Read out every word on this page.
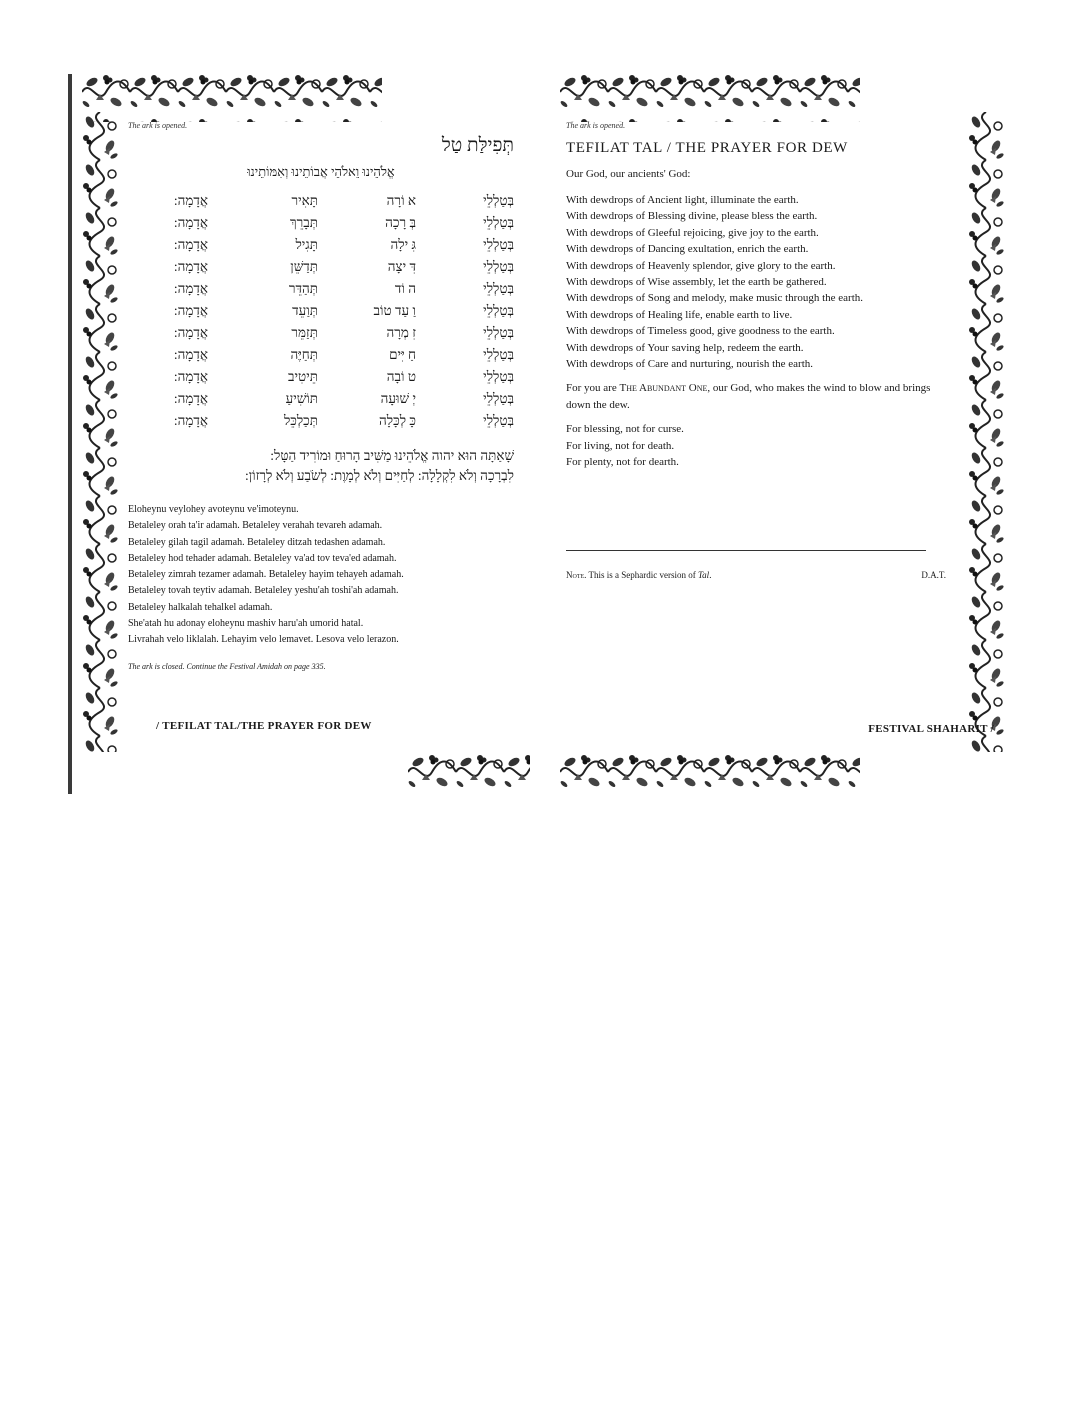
The ark is opened.
תְּפִילַּת טַל
אֱלֹהֵינוּ וֵאלֹהֵי אֲבוֹתֵינוּ וְאִמּוֹתֵינוּ
בְּטַלְלֵי
א וֹרָה
תָּאִיר
אֲדָמָה:
בְּטַלְלֵי
בְּ רָכָה
תְּבָרֵךְ
אֲדָמָה:
בְּטַלְלֵי
גִּ ילָה
תָּגִיל
אֲדָמָה:
בְּטַלְלֵי
דִּ יצָה
תְּדַשֵּׁן
אֲדָמָה:
בְּטַלְלֵי
ה וֹד
תְּהַדֵּר
אֲדָמָה:
בְּטַלְלֵי
וַ עַד טוֹב
תְּוַעֵד
אֲדָמָה:
בְּטַלְלֵי
זִ מְרָה
תְּזַמֵּר
אֲדָמָה:
בְּטַלְלֵי
חַ יִּים
תְּחַיֶּה
אֲדָמָה:
בְּטַלְלֵי
ט וֹבָה
תֵּיטִיב
אֲדָמָה:
בְּטַלְלֵי
יְ שׁוּעָה
תּוֹשִׁיעַ
אֲדָמָה:
בְּטַלְלֵי
כָּ לְכָּלָה
תְּכַלְכֵּל
אֲדָמָה:
שָׁאַתָּה הוּא יהוה אֱלֹהֵינוּ מַשִּׁיב הָרוּחַ וּמוֹרִיד הַטָּל:
לִבְרָכָה וְלֹא לִקְלָלָה: לְחַיִּים וְלֹא לְמָוֶת: לְשֹׂבַע וְלֹא לְרָזוֹן:
Eloheynu veylohey avoteynu ve'imoteynu.
Betaleley orah ta'ir adamah. Betaleley verahah tevareh adamah.
Betaleley gilah tagil adamah. Betaleley ditzah tedashen adamah.
Betaleley hod tehader adamah. Betaleley va'ad tov teva'ed adamah.
Betaleley zimrah tezamer adamah. Betaleley hayim tehayeh adamah.
Betaleley tovah teytiv adamah. Betaleley yeshu'ah toshi'ah adamah.
Betaleley halkalah tehalkel adamah.
She'atah hu adonay eloheynu mashiv haru'ah umorid hatal.
Livrahah velo liklalah. Lehayim velo lemavet. Lesova velo lerazon.
The ark is closed. Continue the Festival Amidah on page 335.
/ TEFILAT TAL/THE PRAYER FOR DEW
The ark is opened.
TEFILAT TAL / THE PRAYER FOR DEW
Our God, our ancients' God:
With dewdrops of Ancient light, illuminate the earth.
With dewdrops of Blessing divine, please bless the earth.
With dewdrops of Gleeful rejoicing, give joy to the earth.
With dewdrops of Dancing exultation, enrich the earth.
With dewdrops of Heavenly splendor, give glory to the earth.
With dewdrops of Wise assembly, let the earth be gathered.
With dewdrops of Song and melody, make music through the earth.
With dewdrops of Healing life, enable earth to live.
With dewdrops of Timeless good, give goodness to the earth.
With dewdrops of Your saving help, redeem the earth.
With dewdrops of Care and nurturing, nourish the earth.
For you are The Abundant One, our God, who makes the wind to blow and brings down the dew.
For blessing, not for curse.
For living, not for death.
For plenty, not for dearth.
Note. This is a Sephardic version of Tal.	D.A.T.
FESTIVAL SHAHARIT /
